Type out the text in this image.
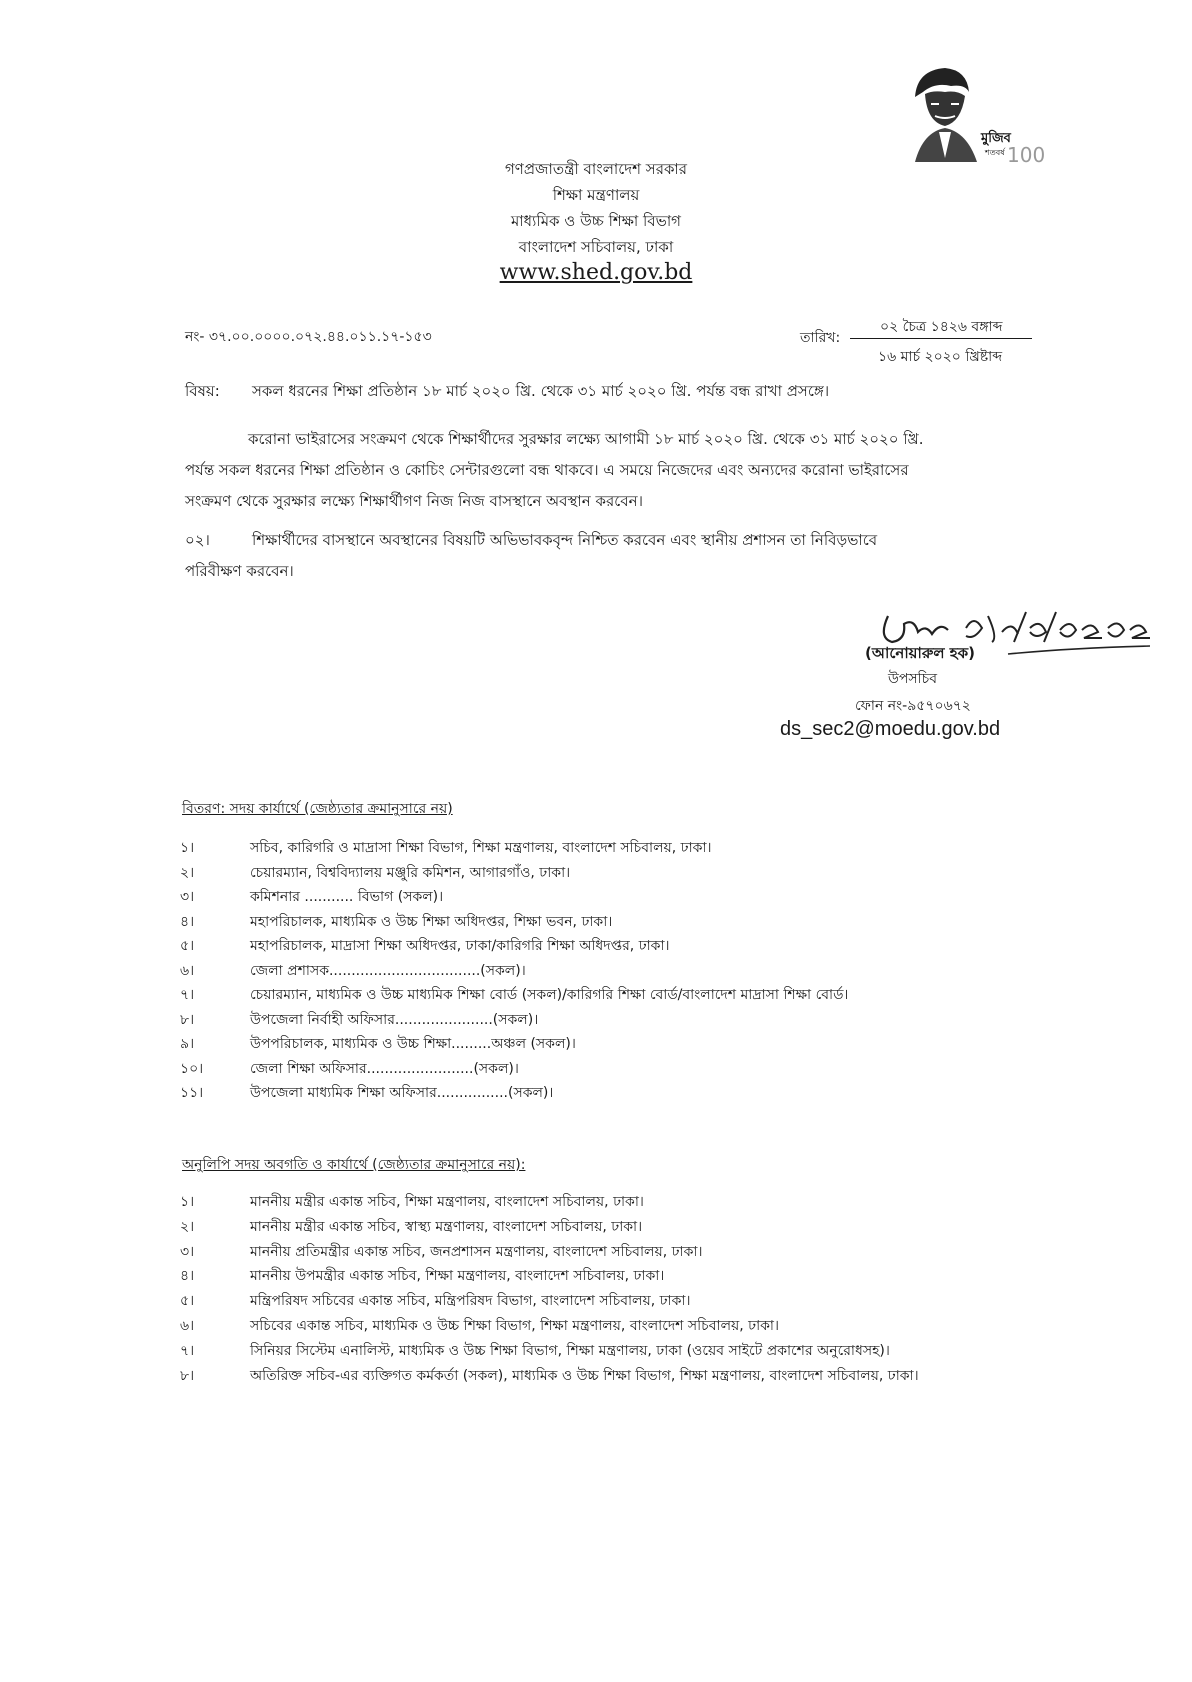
মুজিব
শতবর্ষ 100
গণপ্রজাতন্ত্রী বাংলাদেশ সরকার
শিক্ষা মন্ত্রণালয়
মাধ্যমিক ও উচ্চ শিক্ষা বিভাগ
বাংলাদেশ সচিবালয়, ঢাকা
www.shed.gov.bd
নং- ৩৭.০০.০০০০.০৭২.৪৪.০১১.১৭-১৫৩	তারিখ:
০২ চৈত্র ১৪২৬ বঙ্গাব্দ
১৬ মার্চ ২০২০ খ্রিষ্টাব্দ
বিষয়: সকল ধরনের শিক্ষা প্রতিষ্ঠান ১৮ মার্চ ২০২০ খ্রি. থেকে ৩১ মার্চ ২০২০ খ্রি. পর্যন্ত বন্ধ রাখা প্রসঙ্গে।
করোনা ভাইরাসের সংক্রমণ থেকে শিক্ষার্থীদের সুরক্ষার লক্ষ্যে আগামী ১৮ মার্চ ২০২০ খ্রি. থেকে ৩১ মার্চ ২০২০ খ্রি.
পর্যন্ত সকল ধরনের শিক্ষা প্রতিষ্ঠান ও কোচিং সেন্টারগুলো বন্ধ থাকবে। এ সময়ে নিজেদের এবং অন্যদের করোনা ভাইরাসের
সংক্রমণ থেকে সুরক্ষার লক্ষ্যে শিক্ষার্থীগণ নিজ নিজ বাসস্থানে অবস্থান করবেন।
০২।	শিক্ষার্থীদের বাসস্থানে অবস্থানের বিষয়টি অভিভাবকবৃন্দ নিশ্চিত করবেন এবং স্থানীয় প্রশাসন তা নিবিড়ভাবে
পরিবীক্ষণ করবেন।
(আনোয়ারুল হক)
উপসচিব
ফোন নং-৯৫৭০৬৭২
ds_sec2@moedu.gov.bd
বিতরণ: সদয় কার্যার্থে (জেষ্ঠ্যতার ক্রমানুসারে নয়)
১।	সচিব, কারিগরি ও মাদ্রাসা শিক্ষা বিভাগ, শিক্ষা মন্ত্রণালয়, বাংলাদেশ সচিবালয়, ঢাকা।
২।	চেয়ারম্যান, বিশ্ববিদ্যালয় মঞ্জুরি কমিশন, আগারগাঁও, ঢাকা।
৩।	কমিশনার ........... বিভাগ (সকল)।
৪।	মহাপরিচালক, মাধ্যমিক ও উচ্চ শিক্ষা অধিদপ্তর, শিক্ষা ভবন, ঢাকা।
৫।	মহাপরিচালক, মাদ্রাসা শিক্ষা অধিদপ্তর, ঢাকা/কারিগরি শিক্ষা অধিদপ্তর, ঢাকা।
৬।	জেলা প্রশাসক..................................(সকল)।
৭।	চেয়ারম্যান, মাধ্যমিক ও উচ্চ মাধ্যমিক শিক্ষা বোর্ড (সকল)/কারিগরি শিক্ষা বোর্ড/বাংলাদেশ মাদ্রাসা শিক্ষা বোর্ড।
৮।	উপজেলা নির্বাহী অফিসার......................(সকল)।
৯।	উপপরিচালক, মাধ্যমিক ও উচ্চ শিক্ষা.........অঞ্চল (সকল)।
১০।	জেলা শিক্ষা অফিসার........................(সকল)।
১১।	উপজেলা মাধ্যমিক শিক্ষা অফিসার................(সকল)।
অনুলিপি সদয় অবগতি ও কার্যার্থে (জেষ্ঠ্যতার ক্রমানুসারে নয়):
১।	মাননীয় মন্ত্রীর একান্ত সচিব, শিক্ষা মন্ত্রণালয়, বাংলাদেশ সচিবালয়, ঢাকা।
২।	মাননীয় মন্ত্রীর একান্ত সচিব, স্বাস্থ্য মন্ত্রণালয়, বাংলাদেশ সচিবালয়, ঢাকা।
৩।	মাননীয় প্রতিমন্ত্রীর একান্ত সচিব, জনপ্রশাসন মন্ত্রণালয়, বাংলাদেশ সচিবালয়, ঢাকা।
৪।	মাননীয় উপমন্ত্রীর একান্ত সচিব, শিক্ষা মন্ত্রণালয়, বাংলাদেশ সচিবালয়, ঢাকা।
৫।	মন্ত্রিপরিষদ সচিবের একান্ত সচিব, মন্ত্রিপরিষদ বিভাগ, বাংলাদেশ সচিবালয়, ঢাকা।
৬।	সচিবের একান্ত সচিব, মাধ্যমিক ও উচ্চ শিক্ষা বিভাগ, শিক্ষা মন্ত্রণালয়, বাংলাদেশ সচিবালয়, ঢাকা।
৭।	সিনিয়র সিস্টেম এনালিস্ট, মাধ্যমিক ও উচ্চ শিক্ষা বিভাগ, শিক্ষা মন্ত্রণালয়, ঢাকা (ওয়েব সাইটে প্রকাশের অনুরোধসহ)।
৮।	অতিরিক্ত সচিব-এর ব্যক্তিগত কর্মকর্তা (সকল), মাধ্যমিক ও উচ্চ শিক্ষা বিভাগ, শিক্ষা মন্ত্রণালয়, বাংলাদেশ সচিবালয়, ঢাকা।
